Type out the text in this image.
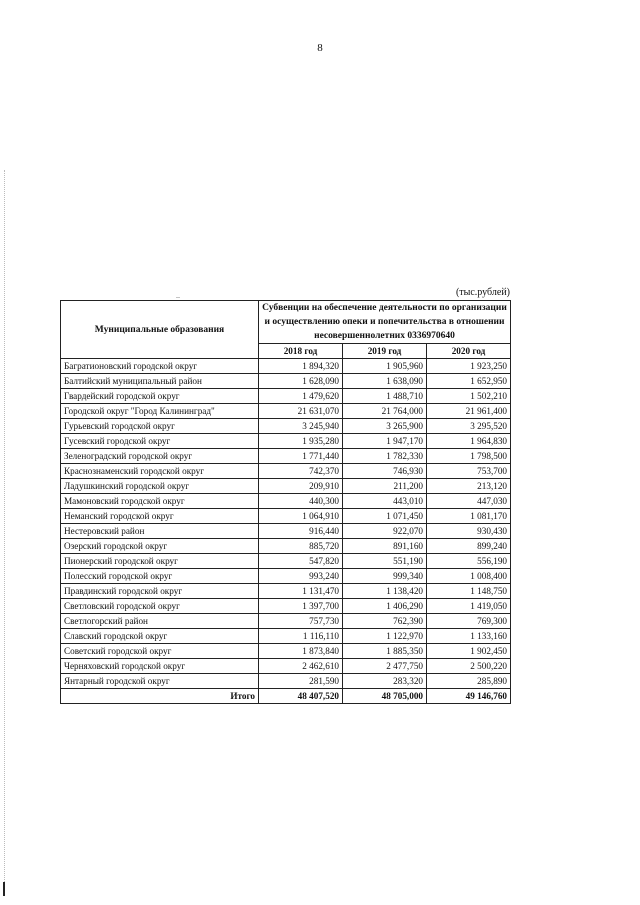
8
..	(тыс.рублей)
Муниципальные образования	Субвенции на обеспечение деятельности по организации и осуществлению опеки и попечительства в отношении несовершеннолетних 0336970640		
	2018 год	2019 год	2020 год
Багратионовский городской округ	1 894,320	1 905,960	1 923,250
Балтийский муниципальный район	1 628,090	1 638,090	1 652,950
Гвардейский городской округ	1 479,620	1 488,710	1 502,210
Городской округ "Город Калининград"	21 631,070	21 764,000	21 961,400
Гурьевский городской округ	3 245,940	3 265,900	3 295,520
Гусевский городской округ	1 935,280	1 947,170	1 964,830
Зеленоградский городской округ	1 771,440	1 782,330	1 798,500
Краснознаменский городской округ	742,370	746,930	753,700
Ладушкинский городской округ	209,910	211,200	213,120
Мамоновский городской округ	440,300	443,010	447,030
Неманский городской округ	1 064,910	1 071,450	1 081,170
Нестеровский район	916,440	922,070	930,430
Озерский городской округ	885,720	891,160	899,240
Пионерский городской округ	547,820	551,190	556,190
Полесский городской округ	993,240	999,340	1 008,400
Правдинский городской округ	1 131,470	1 138,420	1 148,750
Светловский городской округ	1 397,700	1 406,290	1 419,050
Светлогорский район	757,730	762,390	769,300
Славский городской округ	1 116,110	1 122,970	1 133,160
Советский городской округ	1 873,840	1 885,350	1 902,450
Черняховский городской округ	2 462,610	2 477,750	2 500,220
Янтарный городской округ	281,590	283,320	285,890
Итого	48 407,520	48 705,000	49 146,760
